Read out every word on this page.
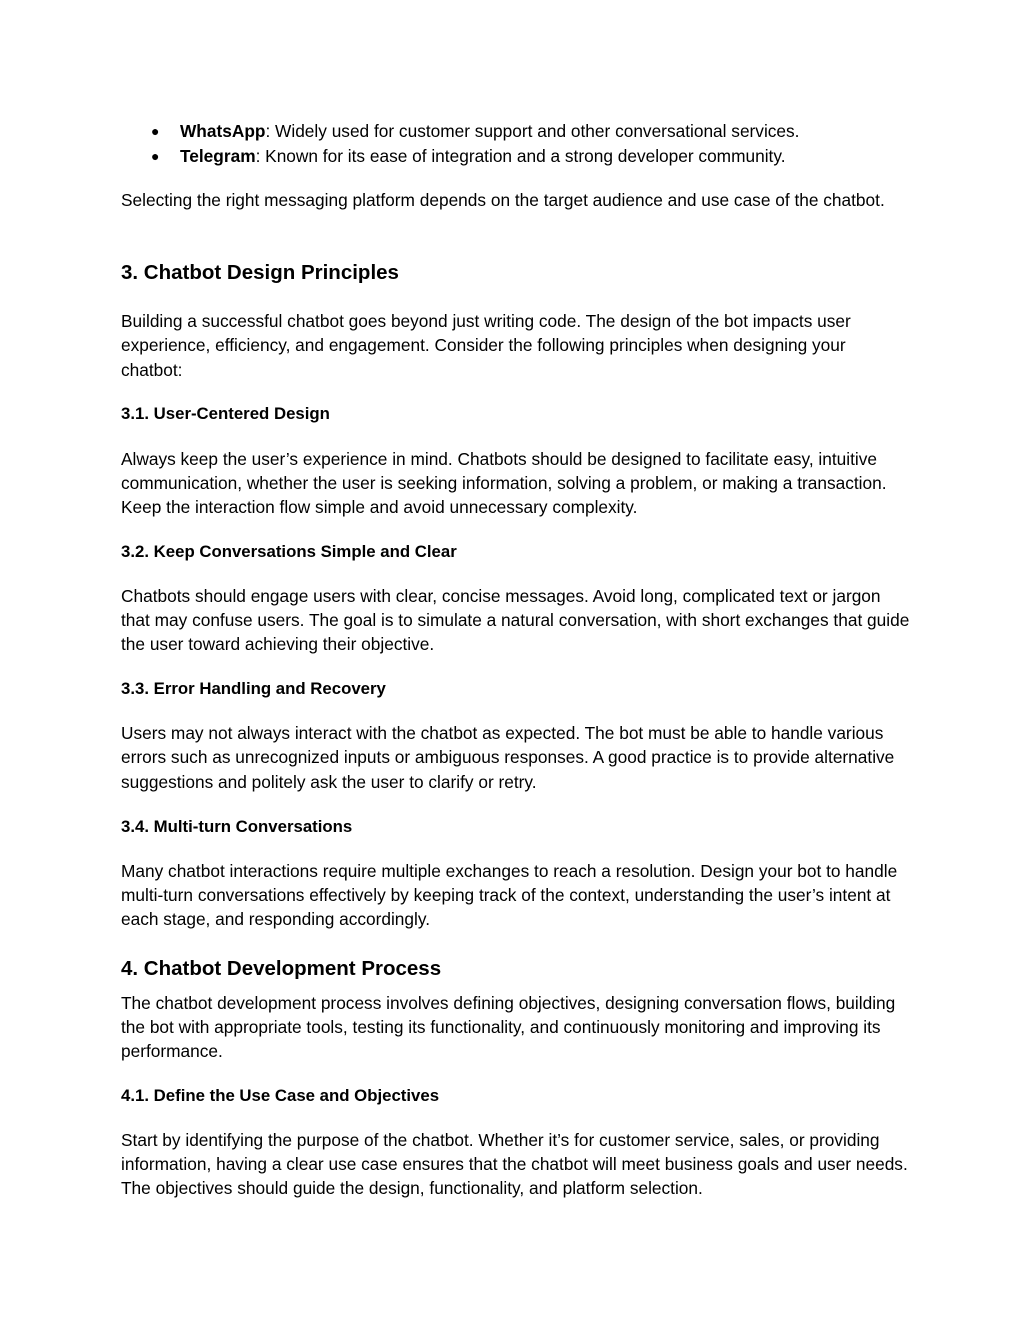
● WhatsApp: Widely used for customer support and other conversational services.
● Telegram: Known for its ease of integration and a strong developer community.

Selecting the right messaging platform depends on the target audience and use case of the chatbot.

3. Chatbot Design Principles

Building a successful chatbot goes beyond just writing code. The design of the bot impacts user experience, efficiency, and engagement. Consider the following principles when designing your chatbot:

3.1. User-Centered Design

Always keep the user’s experience in mind. Chatbots should be designed to facilitate easy, intuitive communication, whether the user is seeking information, solving a problem, or making a transaction. Keep the interaction flow simple and avoid unnecessary complexity.

3.2. Keep Conversations Simple and Clear

Chatbots should engage users with clear, concise messages. Avoid long, complicated text or jargon that may confuse users. The goal is to simulate a natural conversation, with short exchanges that guide the user toward achieving their objective.

3.3. Error Handling and Recovery

Users may not always interact with the chatbot as expected. The bot must be able to handle various errors such as unrecognized inputs or ambiguous responses. A good practice is to provide alternative suggestions and politely ask the user to clarify or retry.

3.4. Multi-turn Conversations

Many chatbot interactions require multiple exchanges to reach a resolution. Design your bot to handle multi-turn conversations effectively by keeping track of the context, understanding the user’s intent at each stage, and responding accordingly.

4. Chatbot Development Process

The chatbot development process involves defining objectives, designing conversation flows, building the bot with appropriate tools, testing its functionality, and continuously monitoring and improving its performance.

4.1. Define the Use Case and Objectives

Start by identifying the purpose of the chatbot. Whether it’s for customer service, sales, or providing information, having a clear use case ensures that the chatbot will meet business goals and user needs. The objectives should guide the design, functionality, and platform selection.
